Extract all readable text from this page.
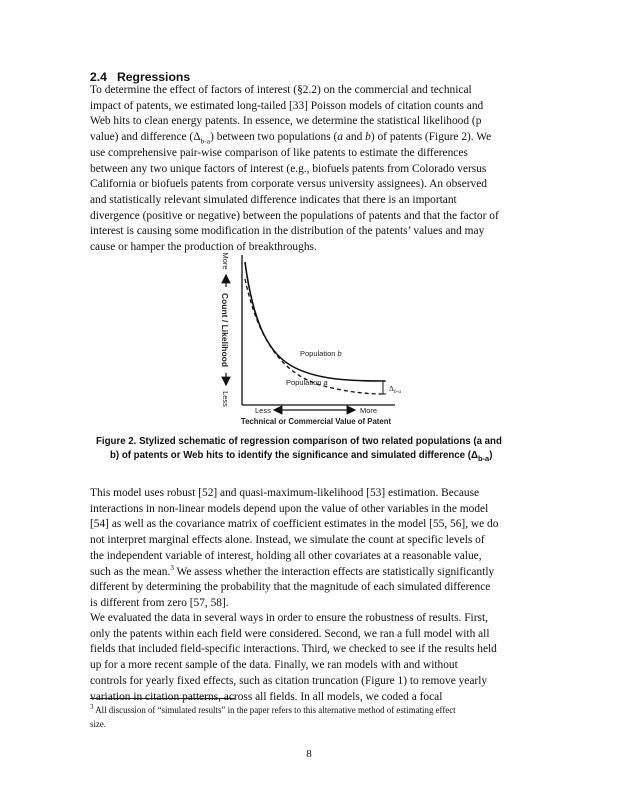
2.4 Regressions

To determine the effect of factors of interest (§2.2) on the commercial and technical
impact of patents, we estimated long-tailed [33] Poisson models of citation counts and
Web hits to clean energy patents. In essence, we determine the statistical likelihood (p
value) and difference $(\Delta_{b-a})$ between two populations (a and b) of patents (Figure 2). We
use comprehensive pair-wise comparison of like patents to estimate the differences
between any two unique factors of interest (e.g., biofuels patents from Colorado versus
California or biofuels patents from corporate versus university assignees). An observed
and statistically relevant simulated difference indicates that there is an important
divergence (positive or negative) between the populations of patents and that the factor of
interest is causing some modification in the distribution of the patents’ values and may
cause or hamper the production of breakthroughs.

Population b
Population a
$\Delta_{b-a}$
More
Count / Likelihood
Less
Less	More
Technical or Commercial Value of Patent

Figure 2. Stylized schematic of regression comparison of two related populations (a and
b) of patents or Web hits to identify the significance and simulated difference $(\Delta_{b-a})$

This model uses robust [52] and quasi-maximum-likelihood [53] estimation. Because
interactions in non-linear models depend upon the value of other variables in the model
[54] as well as the covariance matrix of coefficient estimates in the model [55, 56], we do
not interpret marginal effects alone. Instead, we simulate the count at specific levels of
the independent variable of interest, holding all other covariates at a reasonable value,
such as the mean.$^3$ We assess whether the interaction effects are statistically significantly
different by determining the probability that the magnitude of each simulated difference
is different from zero [57, 58].

We evaluated the data in several ways in order to ensure the robustness of results. First,
only the patents within each field were considered. Second, we ran a full model with all
fields that included field-specific interactions. Third, we checked to see if the results held
up for a more recent sample of the data. Finally, we ran models with and without
controls for yearly fixed effects, such as citation truncation (Figure 1) to remove yearly
variation in citation patterns, across all fields. In all models, we coded a focal

$^3$ All discussion of “simulated results” in the paper refers to this alternative method of estimating effect
size.

8
